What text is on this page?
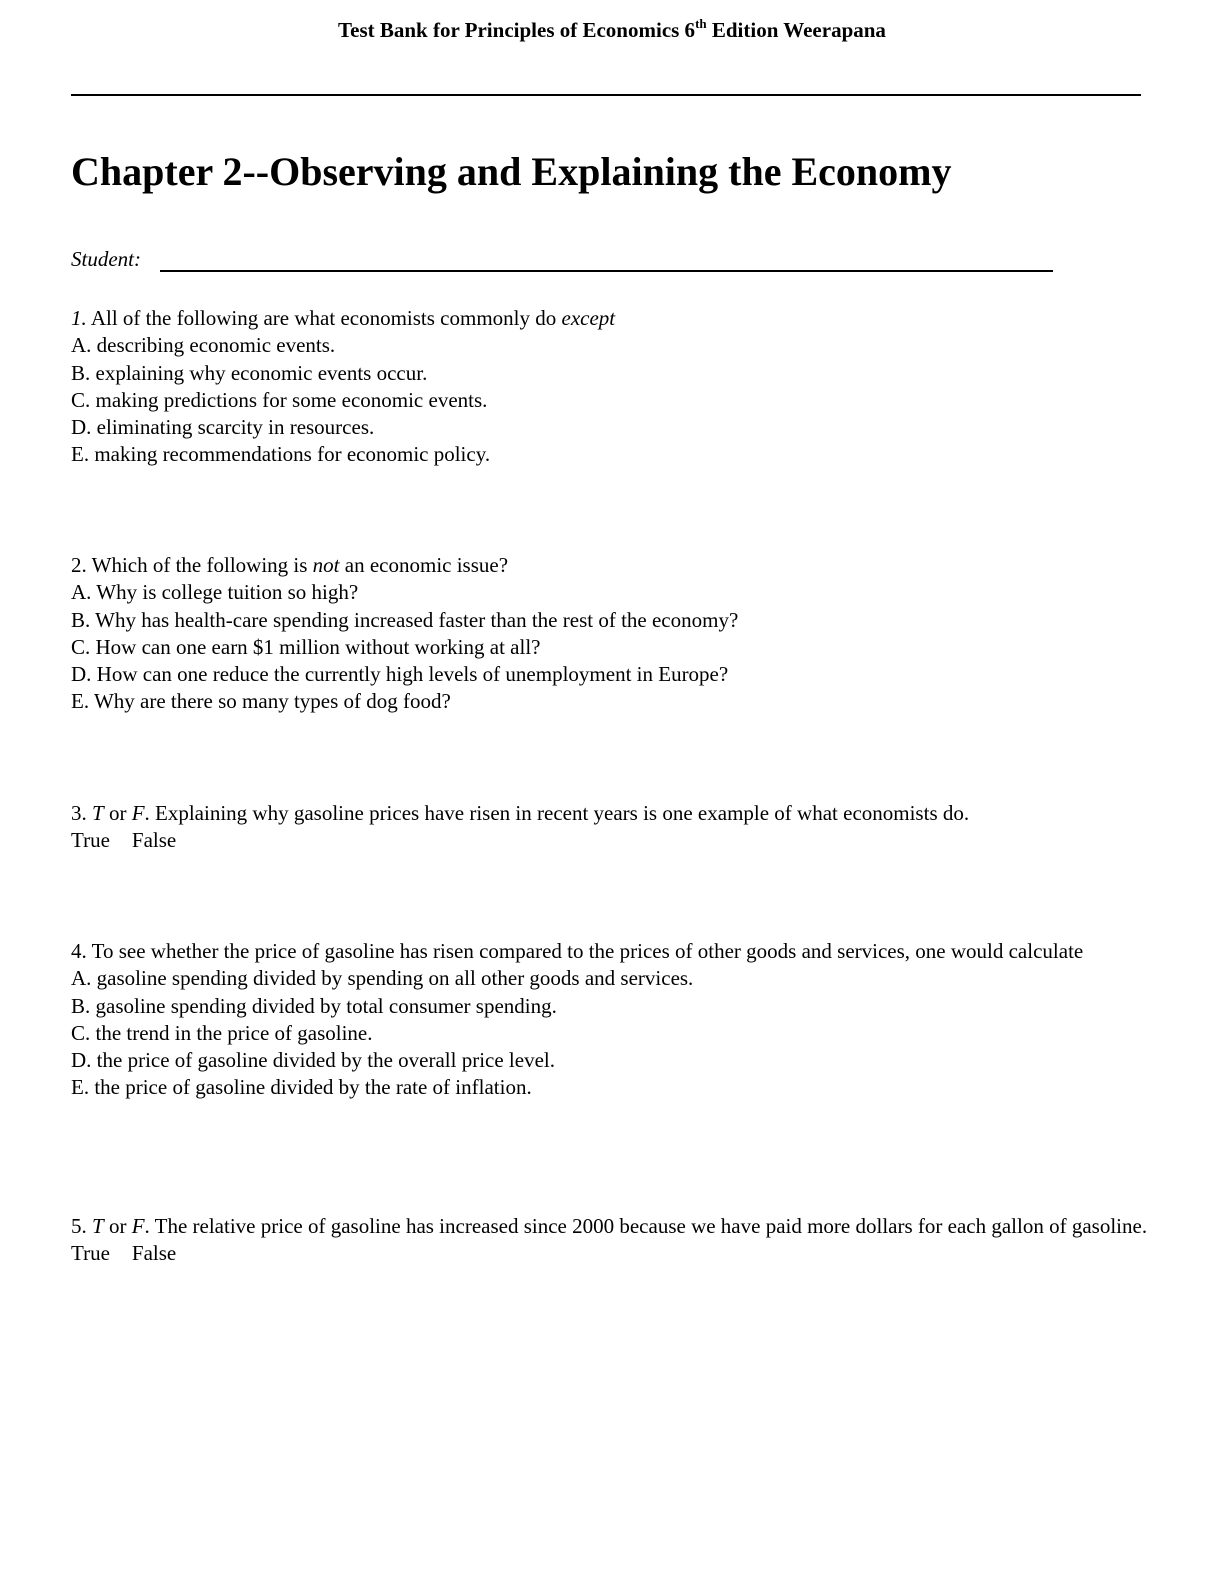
Test Bank for Principles of Economics 6th Edition Weerapana
Chapter 2--Observing and Explaining the Economy
Student:
1. All of the following are what economists commonly do except
A. describing economic events.
B. explaining why economic events occur.
C. making predictions for some economic events.
D. eliminating scarcity in resources.
E. making recommendations for economic policy.
2. Which of the following is not an economic issue?
A. Why is college tuition so high?
B. Why has health-care spending increased faster than the rest of the economy?
C. How can one earn $1 million without working at all?
D. How can one reduce the currently high levels of unemployment in Europe?
E. Why are there so many types of dog food?
3. T or F. Explaining why gasoline prices have risen in recent years is one example of what economists do.
True False
4. To see whether the price of gasoline has risen compared to the prices of other goods and services, one would calculate
A. gasoline spending divided by spending on all other goods and services.
B. gasoline spending divided by total consumer spending.
C. the trend in the price of gasoline.
D. the price of gasoline divided by the overall price level.
E. the price of gasoline divided by the rate of inflation.
5. T or F. The relative price of gasoline has increased since 2000 because we have paid more dollars for each gallon of gasoline.
True False
